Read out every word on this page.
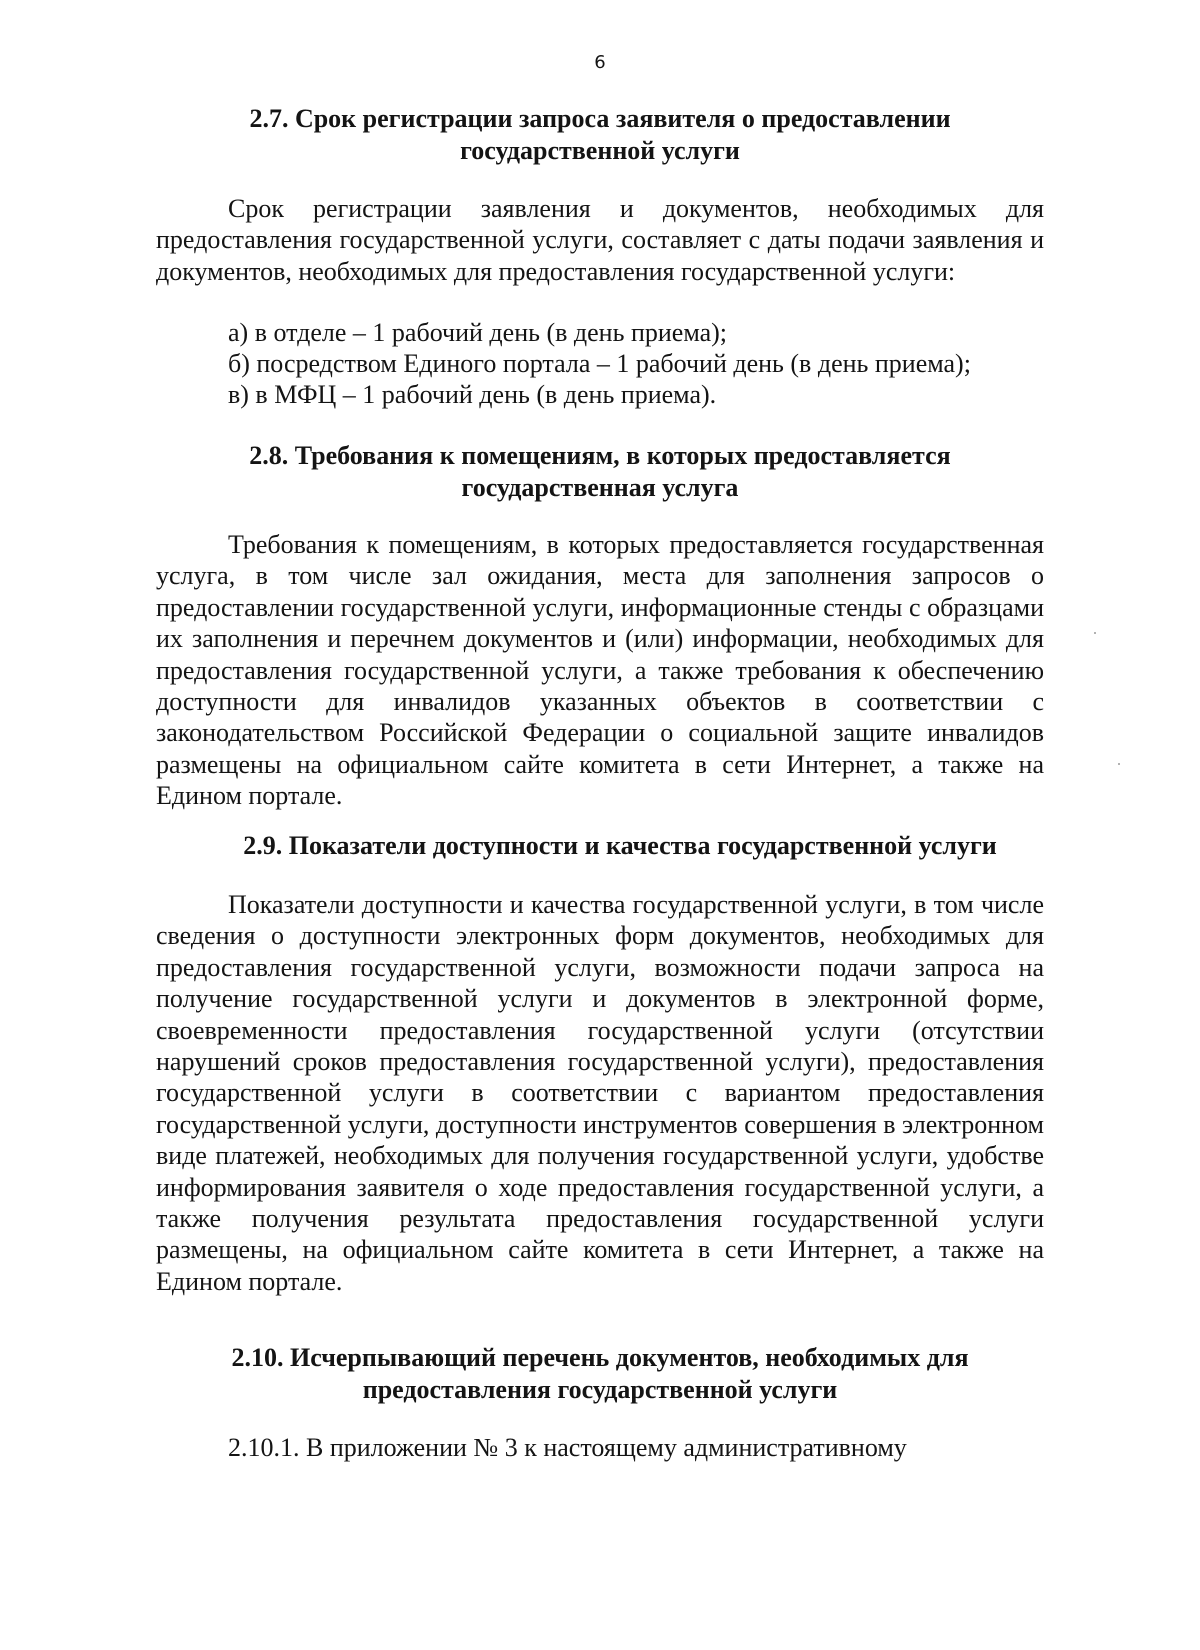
6

2.7. Срок регистрации запроса заявителя о предоставлении

государственной услуги

Срок регистрации заявления и документов, необходимых для предоставления государственной услуги, составляет с даты подачи заявления и документов, необходимых для предоставления государственной услуги:

а) в отделе – 1 рабочий день (в день приема);

б) посредством Единого портала – 1 рабочий день (в день приема);

в) в МФЦ – 1 рабочий день (в день приема).

2.8. Требования к помещениям, в которых предоставляется

государственная услуга

Требования к помещениям, в которых предоставляется государственная услуга, в том числе зал ожидания, места для заполнения запросов о предоставлении государственной услуги, информационные стенды с образцами их заполнения и перечнем документов и (или) информации, необходимых для предоставления государственной услуги, а также требования к обеспечению доступности для инвалидов указанных объектов в соответствии с законодательством Российской Федерации о социальной защите инвалидов размещены на официальном сайте комитета в сети Интернет, а также на Едином портале.

2.9. Показатели доступности и качества государственной услуги

Показатели доступности и качества государственной услуги, в том числе сведения о доступности электронных форм документов, необходимых для предоставления государственной услуги, возможности подачи запроса на получение государственной услуги и документов в электронной форме, своевременности предоставления государственной услуги (отсутствии нарушений сроков предоставления государственной услуги), предоставления государственной услуги в соответствии с вариантом предоставления государственной услуги, доступности инструментов совершения в электронном виде платежей, необходимых для получения государственной услуги, удобстве информирования заявителя о ходе предоставления государственной услуги, а также получения результата предоставления государственной услуги размещены, на официальном сайте комитета в сети Интернет, а также на Едином портале.

2.10. Исчерпывающий перечень документов, необходимых для

предоставления государственной услуги

2.10.1. В приложении № 3 к настоящему административному
